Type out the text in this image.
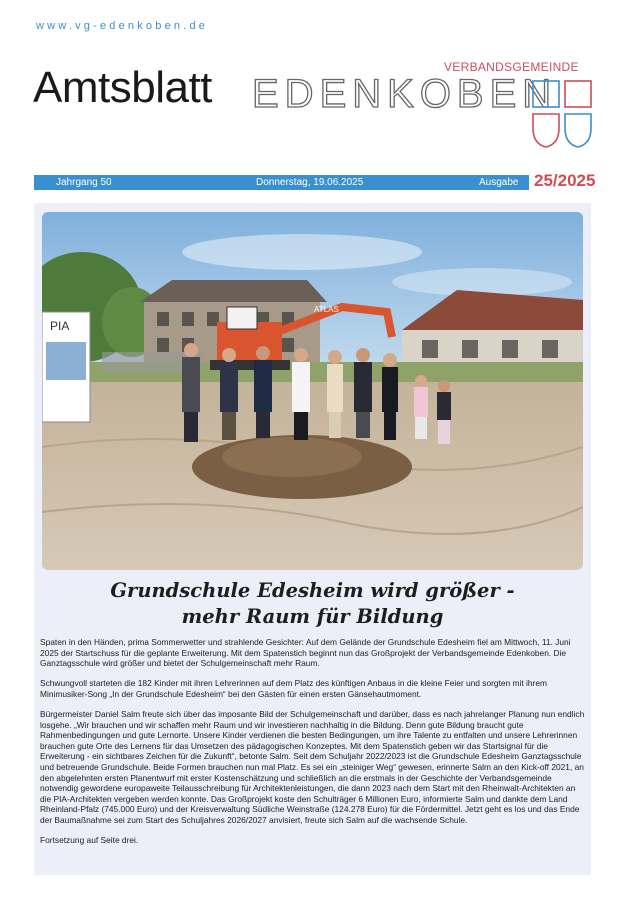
www.vg-edenkoben.de
Amtsblatt	VERBANDSGEMEINDE
EDENKOBEN
Jahrgang 50	Donnerstag, 19.06.2025	Ausgabe 25/2025
ATLAS
PIA
Grundschule Edesheim wird größer -
mehr Raum für Bildung

Spaten in den Händen, prima Sommerwetter und strahlende Gesichter: Auf dem Gelände der Grundschule Edesheim fiel am Mittwoch, 11. Juni 2025 der Startschuss für die geplante Erweiterung. Mit dem Spatenstich beginnt nun das Großprojekt der Verbandsgemeinde Edenkoben. Die Ganztagsschule wird größer und bietet der Schulgemeinschaft mehr Raum.

Schwungvoll starteten die 182 Kinder mit ihren Lehrerinnen auf dem Platz des künftigen Anbaus in die kleine Feier und sorgten mit ihrem Minimusiker-Song „In der Grundschule Edesheim“ bei den Gästen für einen ersten Gänsehautmoment.

Bürgermeister Daniel Salm freute sich über das imposante Bild der Schulgemeinschaft und darüber, dass es nach jahrelanger Planung nun endlich losgehe. „Wir brauchen und wir schaffen mehr Raum und wir investieren nachhaltig in die Bildung. Denn gute Bildung braucht gute Rahmenbedingungen und gute Lernorte. Unsere Kinder verdienen die besten Bedingungen, um ihre Talente zu entfalten und unsere Lehrerinnen brauchen gute Orte des Lernens für das Umsetzen des pädagogischen Konzeptes. Mit dem Spatenstich geben wir das Startsignal für die Erweiterung - ein sichtbares Zeichen für die Zukunft“, betonte Salm. Seit dem Schuljahr 2022/2023 ist die Grundschule Edesheim Ganztagsschule und betreuende Grundschule. Beide Formen brauchen nun mal Platz. Es sei ein „steiniger Weg“ gewesen, erinnerte Salm an den Kick-off 2021, an den abgelehnten ersten Planentwurf mit erster Kostenschätzung und schließlich an die erstmals in der Geschichte der Verbandsgemeinde notwendig gewordene europaweite Teilausschreibung für Architektenleistungen, die dann 2023 nach dem Start mit den Rheinwalt-Architekten an die PIA-Architekten vergeben werden konnte. Das Großprojekt koste den Schulträger 6 Millionen Euro, informierte Salm und dankte dem Land Rheinland-Pfalz (745.000 Euro) und der Kreisverwaltung Südliche Weinstraße (124.278 Euro) für die Fördermittel. Jetzt geht es los und das Ende der Baumaßnahme sei zum Start des Schuljahres 2026/2027 anvisiert, freute sich Salm auf die wachsende Schule.

Fortsetzung auf Seite drei.
